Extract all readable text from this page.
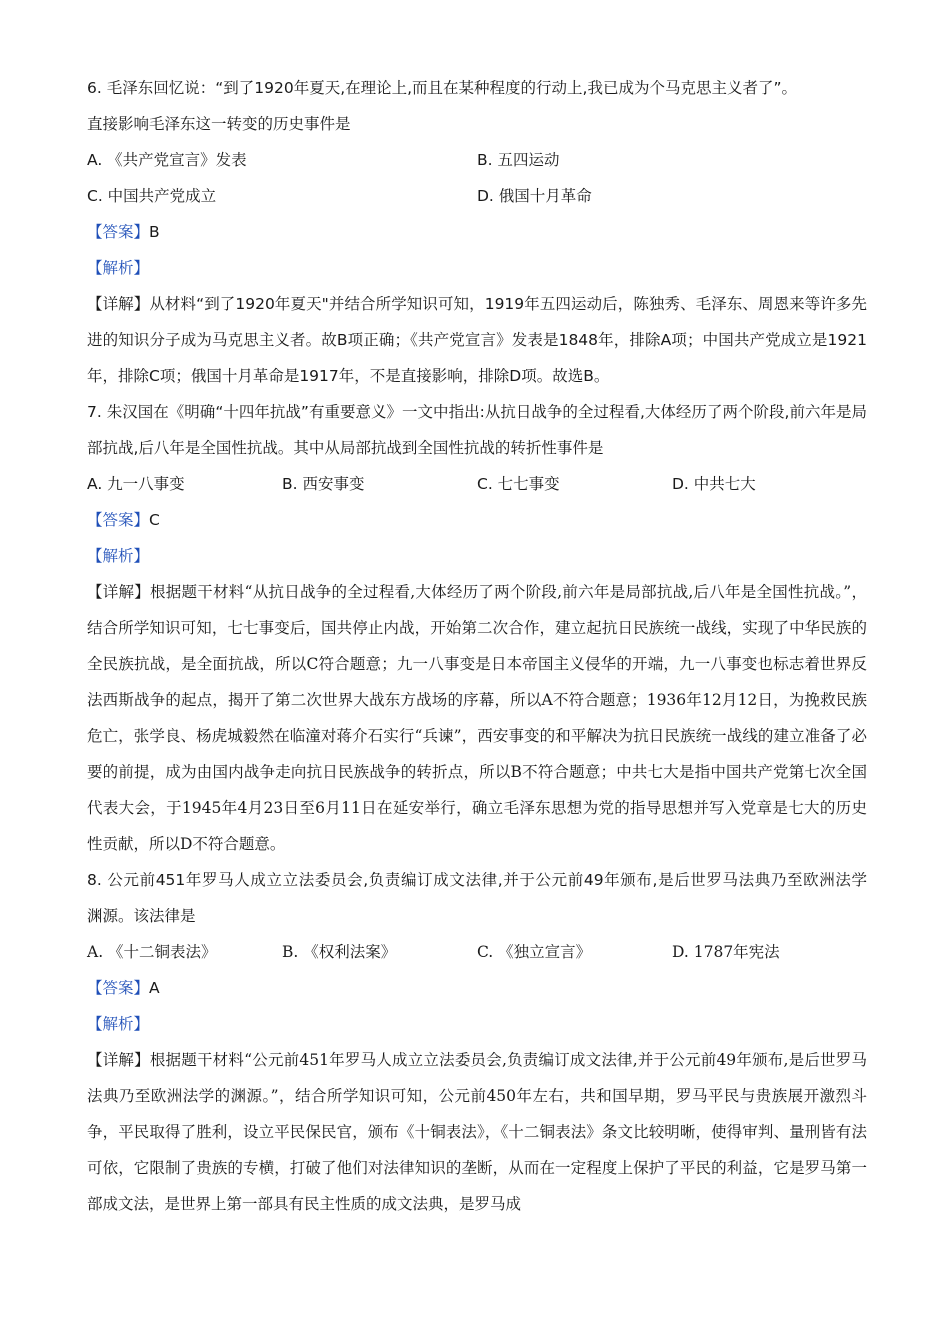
6. 毛泽东回忆说：“到了1920年夏天,在理论上,而且在某种程度的行动上,我已成为个马克思主义者了”。
直接影响毛泽东这一转变的历史事件是
A. 《共产党宣言》发表	B. 五四运动
C. 中国共产党成立	D. 俄国十月革命
【答案】B
【解析】
【详解】从材料“到了1920年夏天"并结合所学知识可知，1919年五四运动后，陈独秀、毛泽东、周恩来等许多先进的知识分子成为马克思主义者。故B项正确；《共产党宣言》发表是1848年，排除A项；中国共产党成立是1921年，排除C项；俄国十月革命是1917年，不是直接影响，排除D项。故选B。
7. 朱汉国在《明确“十四年抗战”有重要意义》一文中指出:从抗日战争的全过程看,大体经历了两个阶段,前六年是局部抗战,后八年是全国性抗战。其中从局部抗战到全国性抗战的转折性事件是
A. 九一八事变	B. 西安事变	C. 七七事变	D. 中共七大
【答案】C
【解析】
【详解】根据题干材料“从抗日战争的全过程看,大体经历了两个阶段,前六年是局部抗战,后八年是全国性抗战。”，结合所学知识可知，七七事变后，国共停止内战，开始第二次合作，建立起抗日民族统一战线，实现了中华民族的全民族抗战，是全面抗战，所以C符合题意；九一八事变是日本帝国主义侵华的开端，九一八事变也标志着世界反法西斯战争的起点，揭开了第二次世界大战东方战场的序幕，所以A不符合题意；1936年12月12日，为挽救民族危亡，张学良、杨虎城毅然在临潼对蒋介石实行“兵谏”，西安事变的和平解决为抗日民族统一战线的建立准备了必要的前提，成为由国内战争走向抗日民族战争的转折点，所以B不符合题意；中共七大是指中国共产党第七次全国代表大会，于1945年4月23日至6月11日在延安举行，确立毛泽东思想为党的指导思想并写入党章是七大的历史性贡献，所以D不符合题意。
8. 公元前451年罗马人成立立法委员会,负责编订成文法律,并于公元前49年颁布,是后世罗马法典乃至欧洲法学　渊源。该法律是
A. 《十二铜表法》	B. 《权利法案》	C. 《独立宣言》	D. 1787年宪法
【答案】A
【解析】
【详解】根据题干材料“公元前451年罗马人成立立法委员会,负责编订成文法律,并于公元前49年颁布,是后世罗马法典乃至欧洲法学的渊源。”，结合所学知识可知，公元前450年左右，共和国早期，罗马平民与贵族展开激烈斗争，平民取得了胜利，设立平民保民官，颁布《十铜表法》，《十二铜表法》条文比较明晰，使得审判、量刑皆有法可依，它限制了贵族的专横，打破了他们对法律知识的垄断，从而在一定程度上保护了平民的利益，它是罗马第一部成文法，是世界上第一部具有民主性质的成文法典，是罗马成
